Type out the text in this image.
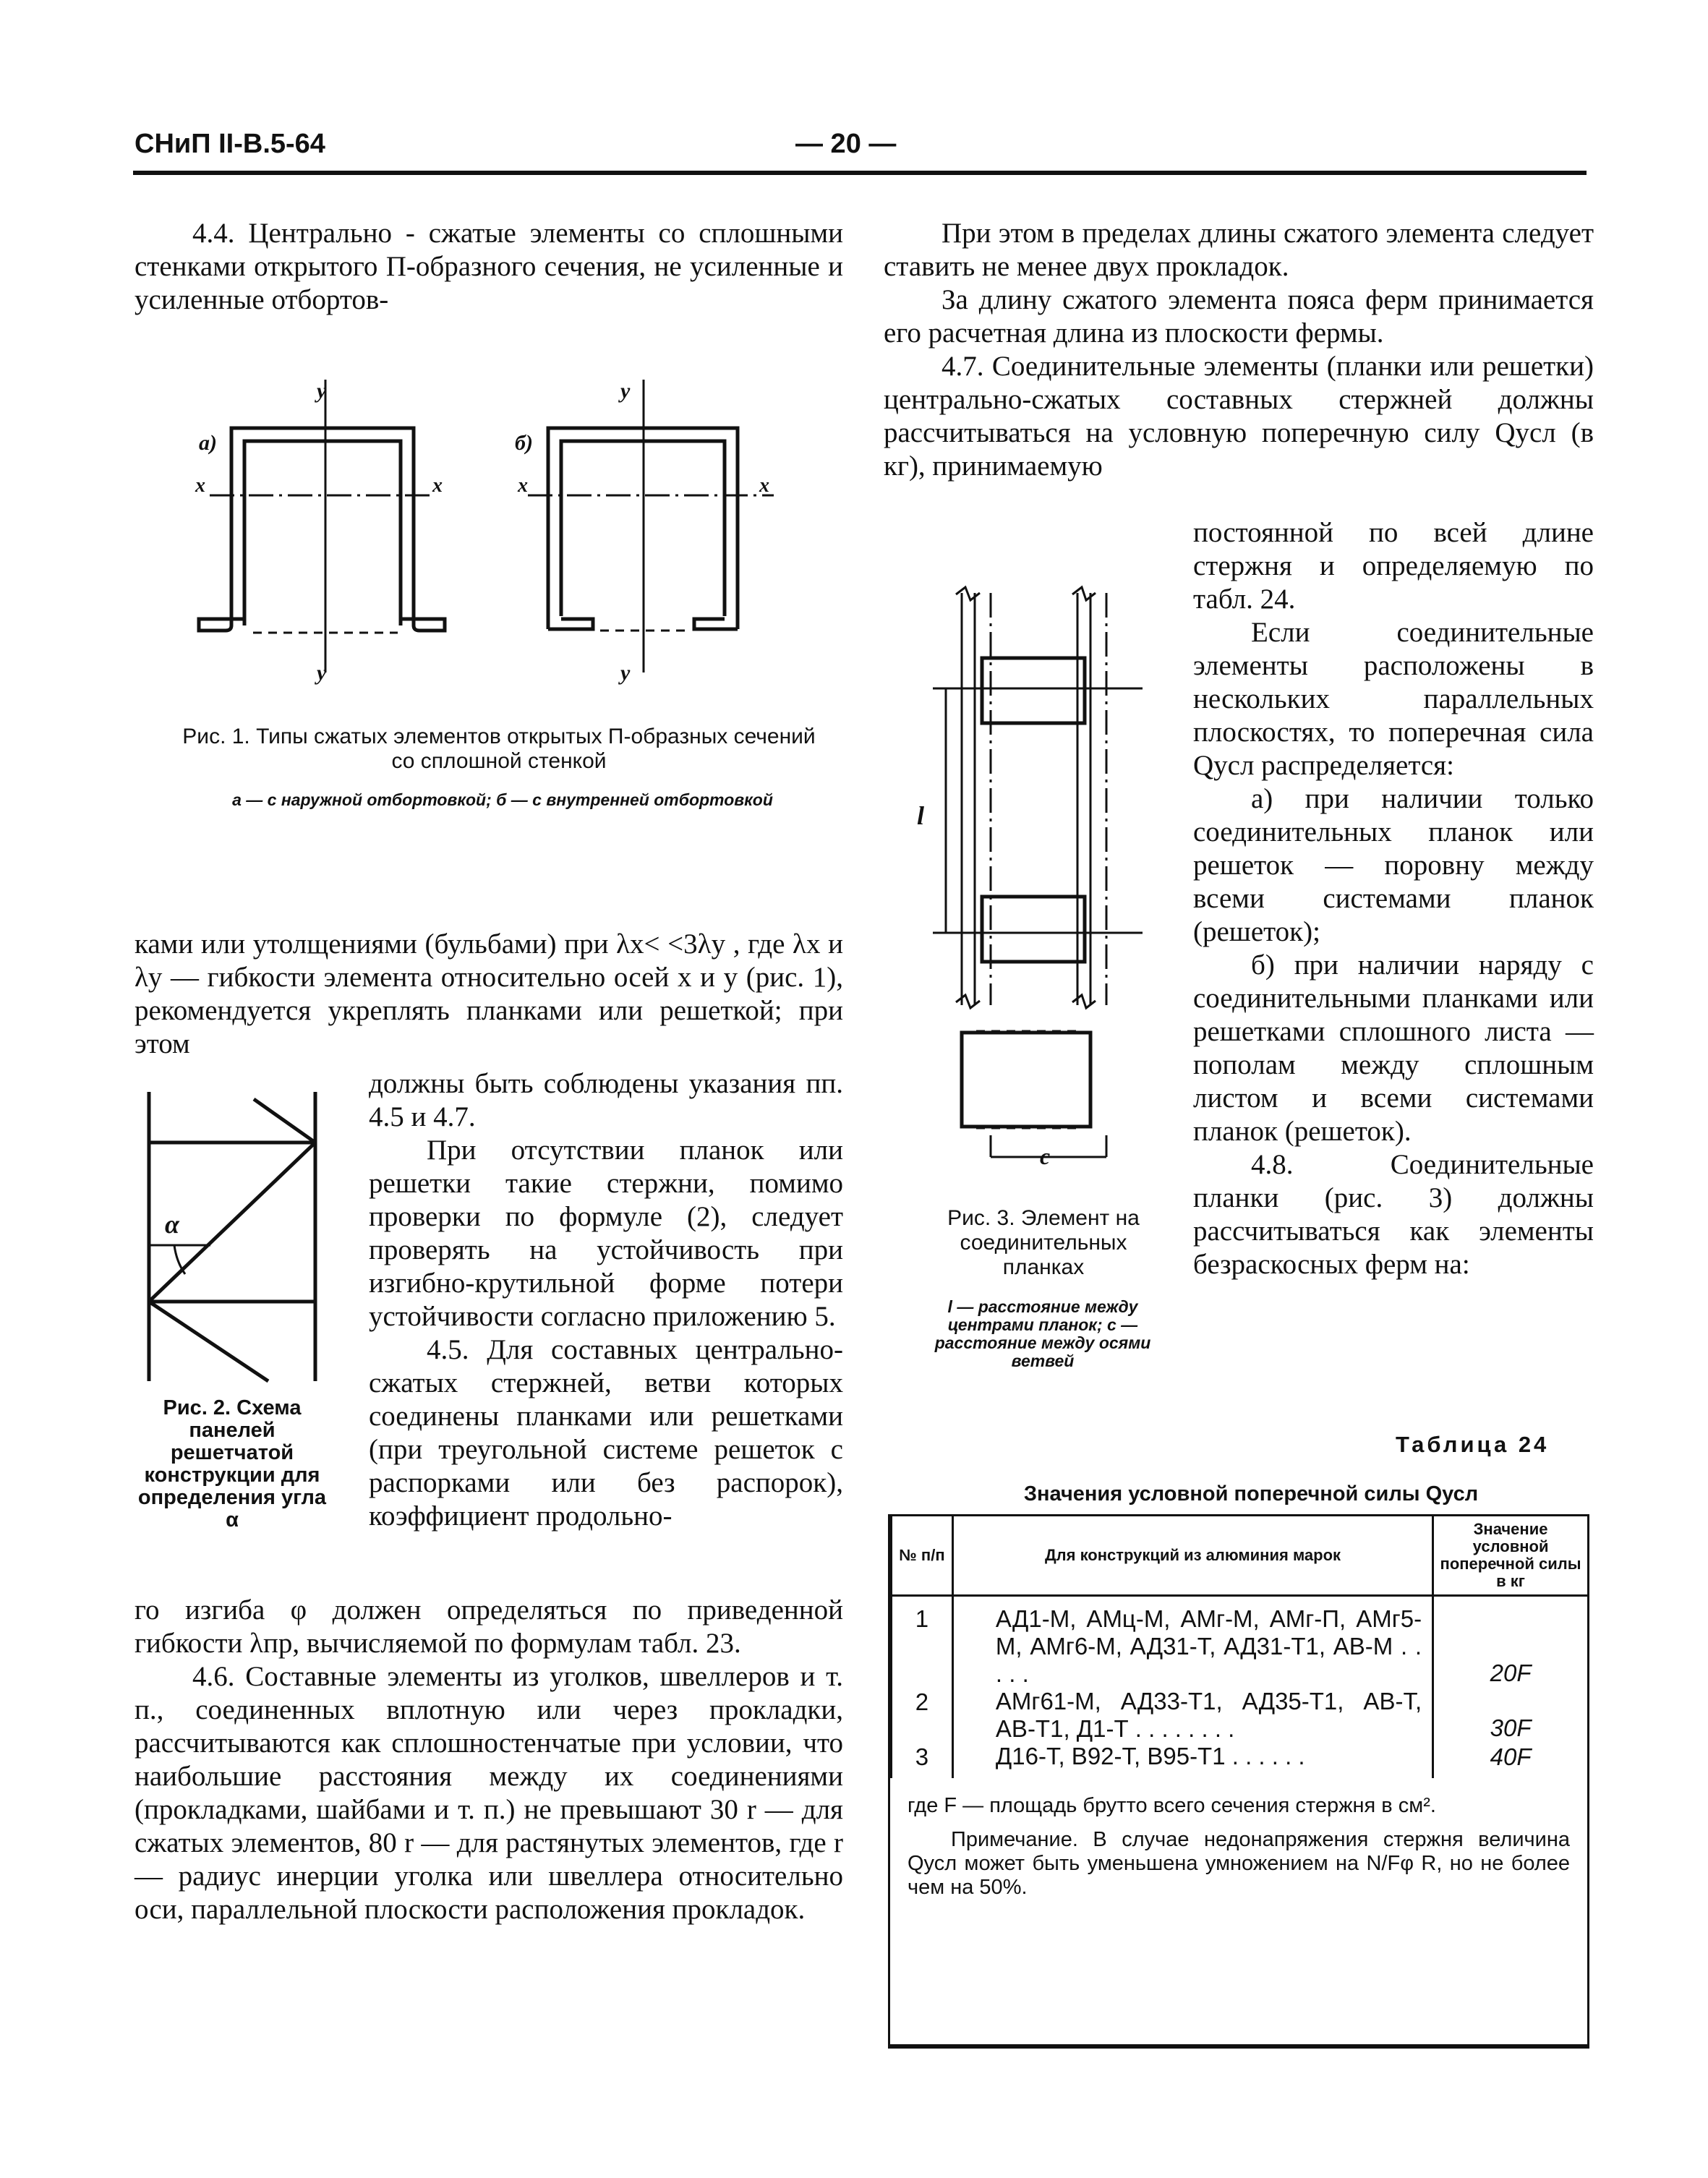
СНиП II-В.5-64	— 20 —

4.4. Центрально - сжатые элементы со сплошными стенками открытого П-образного сечения, не усиленные и усиленные отбортов-

а)
y
y
x	x
б)
y
y
x	x
Рис. 1. Типы сжатых элементов открытых П-образных сечений со сплошной стенкой
а — с наружной отбортовкой; б — с внутренней отбортовкой

ками или утолщениями (бульбами) при λx< <3λy , где λx и λy — гибкости элемента относительно осей x и y (рис. 1), рекомендуется укреплять планками или решеткой; при этом

α
Рис. 2. Схема панелей решетчатой конструкции для определения угла α

должны быть соблюдены указания пп. 4.5 и 4.7.

При отсутствии планок или решетки такие стержни, помимо проверки по формуле (2), следует проверять на устойчивость при изгибно-крутильной форме потери устойчивости согласно приложению 5.

4.5. Для составных центрально-сжатых стержней, ветви которых соединены планками или решетками (при треугольной системе решеток с распорками или без распорок), коэффициент продольно-

го изгиба φ должен определяться по приведенной гибкости λпр, вычисляемой по формулам табл. 23.

4.6. Составные элементы из уголков, швеллеров и т. п., соединенных вплотную или через прокладки, рассчитываются как сплошностенчатые при условии, что наибольшие расстояния между их соединениями (прокладками, шайбами и т. п.) не превышают 30 r — для сжатых элементов, 80 r — для растянутых элементов, где r — радиус инерции уголка или швеллера относительно оси, параллельной плоскости расположения прокладок.

При этом в пределах длины сжатого элемента следует ставить не менее двух прокладок.

За длину сжатого элемента пояса ферм принимается его расчетная длина из плоскости фермы.

4.7. Соединительные элементы (планки или решетки) центрально-сжатых составных стержней должны рассчитываться на условную поперечную силу Qусл (в кг), принимаемую

l
c
Рис. 3. Элемент на соединительных планках
l — расстояние между центрами планок; c — расстояние между осями ветвей

постоянной по всей длине стержня и определяемую по табл. 24.

Если соединительные элементы расположены в нескольких параллельных плоскостях, то поперечная сила Qусл распределяется:

а) при наличии только соединительных планок или решеток — поровну между всеми системами планок (решеток);

б) при наличии наряду с соединительными планками или решетками сплошного листа — пополам между сплошным листом и всеми системами планок (решеток).

4.8. Соединительные планки (рис. 3) должны рассчитываться как элементы безраскосных ферм на:

Таблица 24
Значения условной поперечной силы Qусл
№ п/п	Для конструкций из алюминия марок	Значение условной поперечной силы в кг
1	АД1-М, АМц-М, АМг-М, АМг-П, АМг5-М, АМг6-М, АД31-Т, АД31-Т1, АВ-М . . . . .	20F
2	АМг61-М, АД33-Т1, АД35-Т1, АВ-Т, АВ-Т1, Д1-Т . . . . . . . .	30F
3	Д16-Т, В92-Т, В95-Т1 . . . . . .	40F
где F — площадь брутто всего сечения стержня в см².
Примечание. В случае недонапряжения стержня величина Qусл может быть уменьшена умножением на N/Fφ R, но не более чем на 50%.
